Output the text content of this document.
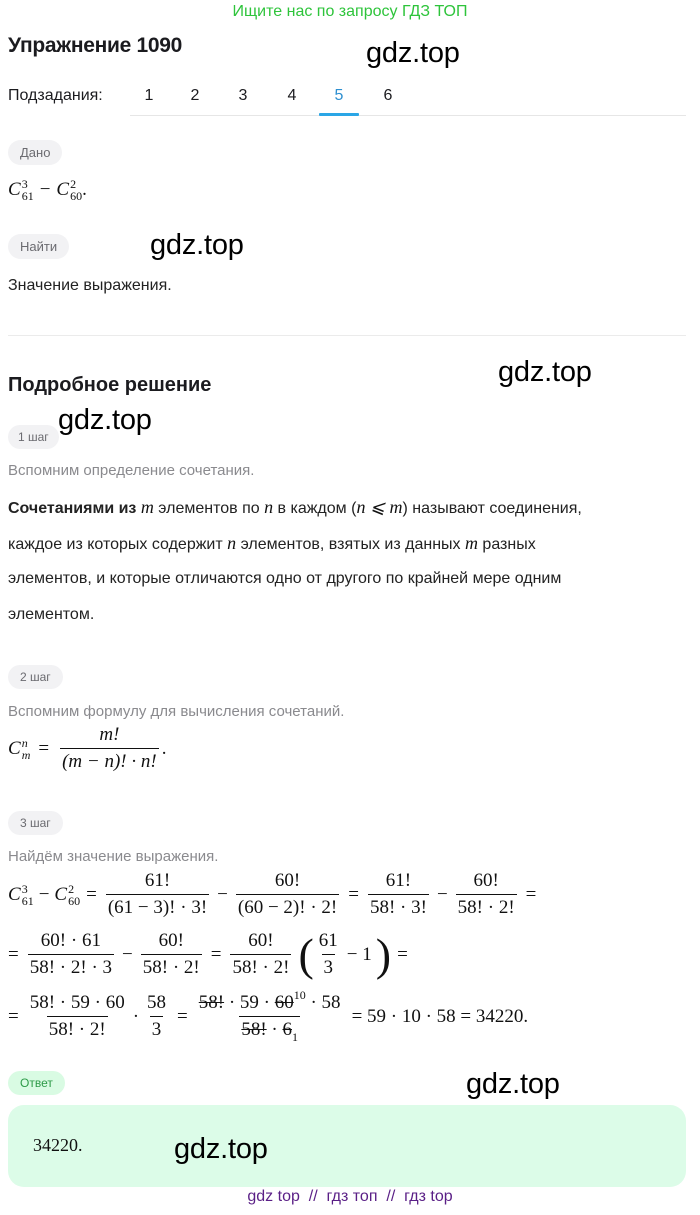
Ищите нас по запросу ГДЗ ТОП
Упражнение 1090	gdz.top
Подзадания:	1	2	3	4	5	6
Дано
C 3
61 − C 2
60 .
Найти	gdz.top
Значение выражения.
Подробное решение	gdz.top
1 шаг
gdz.top
Вспомним определение сочетания.
Сочетаниями из m элементов по n в каждом (n ⩽ m) называют соединения,
каждое из которых содержит n элементов, взятых из данных m разных
элементов, и которые отличаются одно от другого по крайней мере одним
элементом.
2 шаг
Вспомним формулу для вычисления сочетаний.
C n
$m = \frac{m!}{(m - n)! \cdot n!}$ .
3 шаг
Найдём значение выражения.
C 3
61 − C 2
$60 = \frac{61!}{(61 - 3)! \cdot 3!} - \frac{60!}{(60 - 2)! \cdot 2!} = \frac{61!}{58! \cdot 3!} - \frac{60!}{58! \cdot 2!}$ =
= $\frac{60! \cdot 61}{58! \cdot 2! \cdot 3} - \frac{60!}{58! \cdot 2!} = \frac{60!}{58! \cdot 2!}$ ( $\frac{61}{3} - 1$ ) =
= $\frac{58! \cdot 59 \cdot 60}{58! \cdot 2!} \cdot \frac{58}{3} = \frac{58! \cdot 59 \cdot 60^{10} \cdot 58}{58! \cdot 6_1} = 59 \cdot 10 \cdot 58 = 34220$.
Ответ	gdz.top
34220.	gdz.top
gdz top  //  гдз топ  //  гдз top
